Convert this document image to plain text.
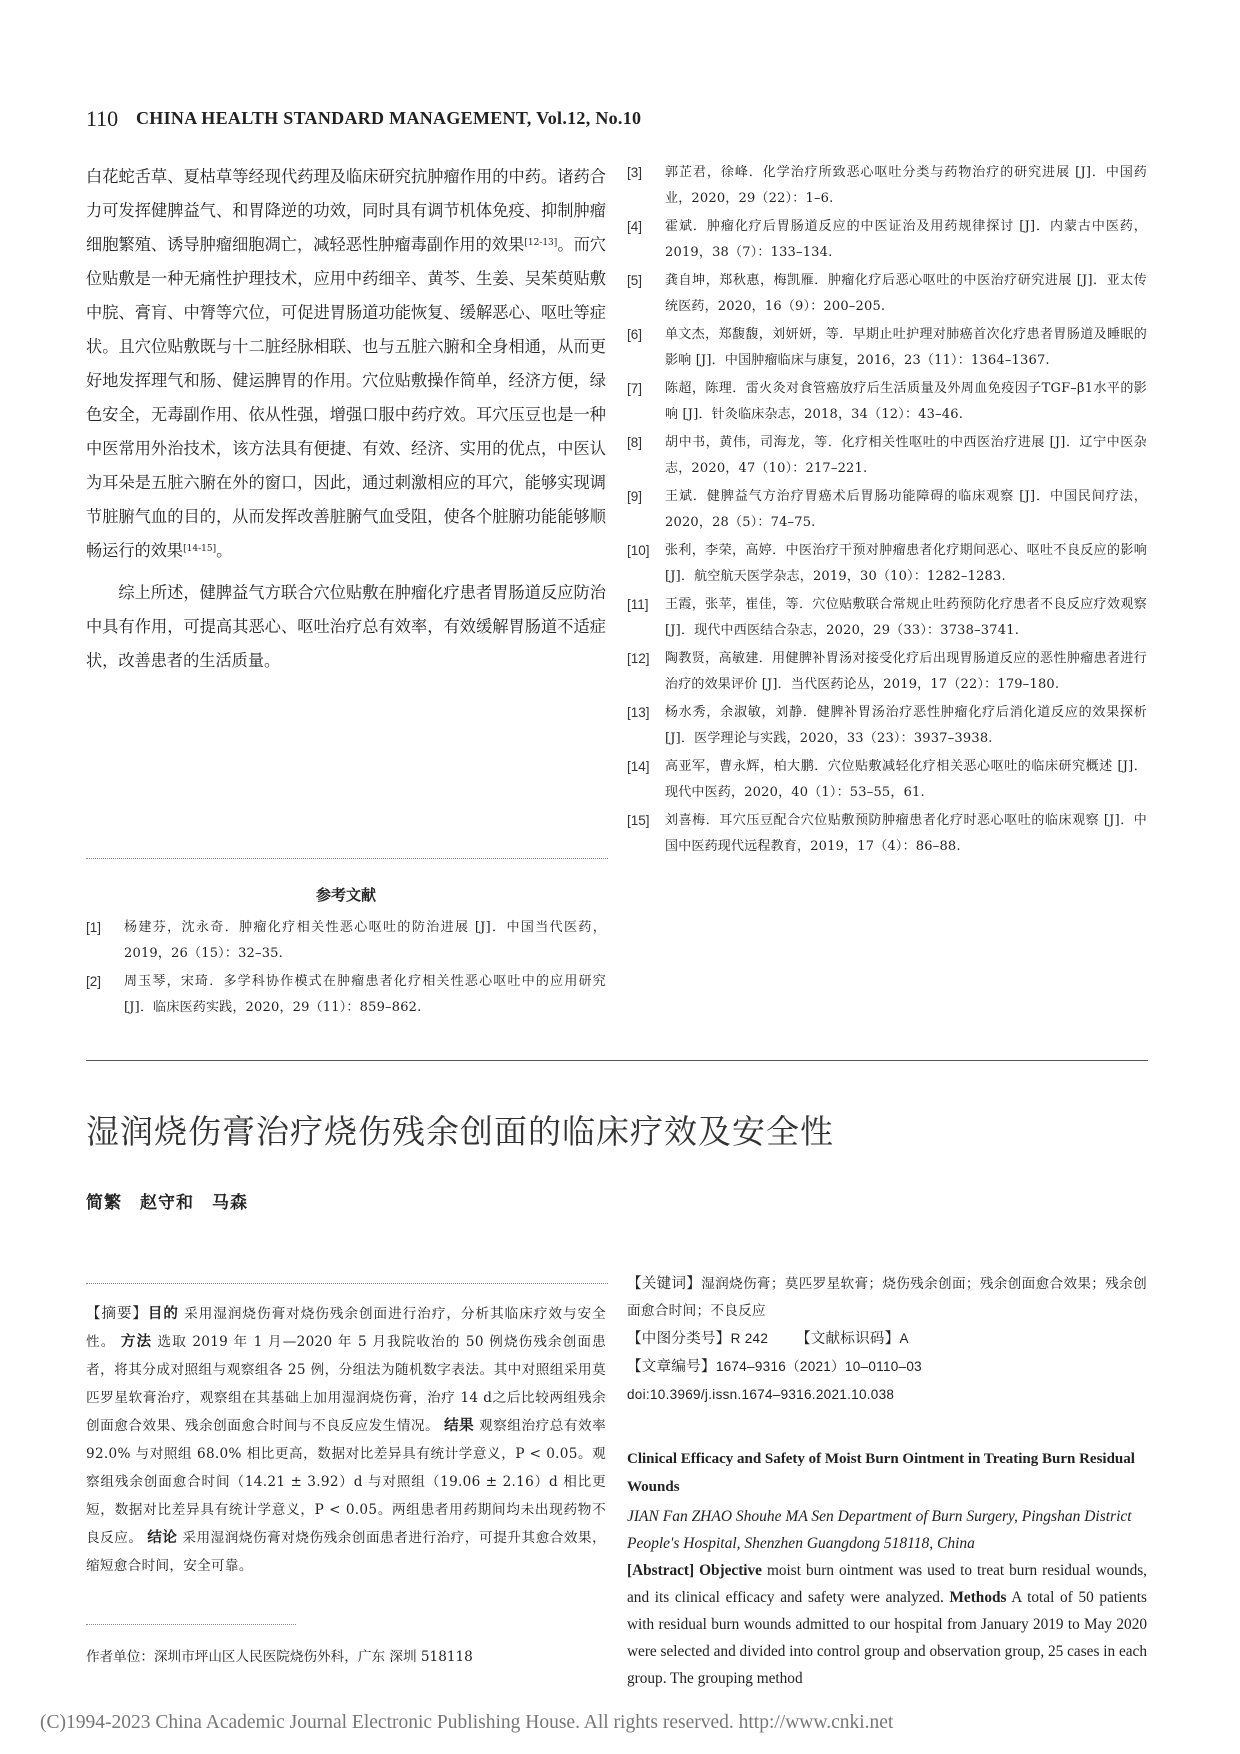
110 CHINA HEALTH STANDARD MANAGEMENT, Vol.12, No.10

白花蛇舌草、夏枯草等经现代药理及临床研究抗肿瘤作用的中药。诸药合力可发挥健脾益气、和胃降逆的功效，同时具有调节机体免疫、抑制肿瘤细胞繁殖、诱导肿瘤细胞凋亡，减轻恶性肿瘤毒副作用的效果[12-13]。而穴位贴敷是一种无痛性护理技术，应用中药细辛、黄芩、生姜、吴茱萸贴敷中脘、膏肓、中膂等穴位，可促进胃肠道功能恢复、缓解恶心、呕吐等症状。且穴位贴敷既与十二脏经脉相联、也与五脏六腑和全身相通，从而更好地发挥理气和肠、健运脾胃的作用。穴位贴敷操作简单，经济方便，绿色安全，无毒副作用、依从性强，增强口服中药疗效。耳穴压豆也是一种中医常用外治技术，该方法具有便捷、有效、经济、实用的优点，中医认为耳朵是五脏六腑在外的窗口，因此，通过刺激相应的耳穴，能够实现调节脏腑气血的目的，从而发挥改善脏腑气血受阻，使各个脏腑功能能够顺畅运行的效果[14-15]。

综上所述，健脾益气方联合穴位贴敷在肿瘤化疗患者胃肠道反应防治中具有作用，可提高其恶心、呕吐治疗总有效率，有效缓解胃肠道不适症状，改善患者的生活质量。

参考文献
[1]	杨建芬，沈永奇．肿瘤化疗相关性恶心呕吐的防治进展 [J]．中国当代医药，2019，26（15）：32–35.
[2]	周玉琴，宋琦．多学科协作模式在肿瘤患者化疗相关性恶心呕吐中的应用研究 [J]．临床医药实践，2020，29（11）：859–862.
[3]	郭芷君，徐峰．化学治疗所致恶心呕吐分类与药物治疗的研究进展 [J]．中国药业，2020，29（22）：1–6.
[4]	霍斌．肿瘤化疗后胃肠道反应的中医证治及用药规律探讨 [J]．内蒙古中医药，2019，38（7）：133–134.
[5]	龚自坤，郑秋惠，梅凯雁．肿瘤化疗后恶心呕吐的中医治疗研究进展 [J]．亚太传统医药，2020，16（9）：200–205.
[6]	单文杰，郑馥馥，刘妍妍，等．早期止吐护理对肺癌首次化疗患者胃肠道及睡眠的影响 [J]．中国肿瘤临床与康复，2016，23（11）：1364–1367.
[7]	陈超，陈理．雷火灸对食管癌放疗后生活质量及外周血免疫因子TGF–β1水平的影响 [J]．针灸临床杂志，2018，34（12）：43–46.
[8]	胡中书，黄伟，司海龙，等．化疗相关性呕吐的中西医治疗进展 [J]．辽宁中医杂志，2020，47（10）：217–221.
[9]	王斌．健脾益气方治疗胃癌术后胃肠功能障碍的临床观察 [J]．中国民间疗法，2020，28（5）：74–75.
[10]	张利，李荣，高婷．中医治疗干预对肿瘤患者化疗期间恶心、呕吐不良反应的影响 [J]．航空航天医学杂志，2019，30（10）：1282–1283.
[11]	王霞，张苹，崔佳，等．穴位贴敷联合常规止吐药预防化疗患者不良反应疗效观察 [J]．现代中西医结合杂志，2020，29（33）：3738–3741.
[12]	陶教贤，高敏建．用健脾补胃汤对接受化疗后出现胃肠道反应的恶性肿瘤患者进行治疗的效果评价 [J]．当代医药论丛，2019，17（22）：179–180.
[13]	杨水秀，余淑敏，刘静．健脾补胃汤治疗恶性肿瘤化疗后消化道反应的效果探析 [J]．医学理论与实践，2020，33（23）：3937–3938.
[14]	高亚军，曹永辉，柏大鹏．穴位贴敷减轻化疗相关恶心呕吐的临床研究概述 [J]．现代中医药，2020，40（1）：53–55，61.
[15]	刘喜梅．耳穴压豆配合穴位贴敷预防肿瘤患者化疗时恶心呕吐的临床观察 [J]．中国中医药现代远程教育，2019，17（4）：86–88.
湿润烧伤膏治疗烧伤残余创面的临床疗效及安全性
简繁　赵守和　马森

【摘要】目的 采用湿润烧伤膏对烧伤残余创面进行治疗，分析其临床疗效与安全性。 方法 选取 2019 年 1 月—2020 年 5 月我院收治的 50 例烧伤残余创面患者，将其分成对照组与观察组各 25 例，分组法为随机数字表法。其中对照组采用莫匹罗星软膏治疗，观察组在其基础上加用湿润烧伤膏，治疗 14 d之后比较两组残余创面愈合效果、残余创面愈合时间与不良反应发生情况。 结果 观察组治疗总有效率 92.0% 与对照组 68.0% 相比更高，数据对比差异具有统计学意义，P < 0.05。观察组残余创面愈合时间（14.21 ± 3.92）d 与对照组（19.06 ± 2.16）d 相比更短，数据对比差异具有统计学意义，P < 0.05。两组患者用药期间均未出现药物不良反应。 结论 采用湿润烧伤膏对烧伤残余创面患者进行治疗，可提升其愈合效果，缩短愈合时间，安全可靠。

作者单位：深圳市坪山区人民医院烧伤外科，广东 深圳 518118

【关键词】湿润烧伤膏；莫匹罗星软膏；烧伤残余创面；残余创面愈合效果；残余创面愈合时间；不良反应

【中图分类号】R 242   【文献标识码】A

【文章编号】1674–9316（2021）10–0110–03

doi:10.3969/j.issn.1674–9316.2021.10.038

Clinical Efficacy and Safety of Moist Burn Ointment in Treating Burn Residual Wounds
JIAN Fan ZHAO Shouhe MA Sen Department of Burn Surgery, Pingshan District People's Hospital, Shenzhen Guangdong 518118, China
[Abstract] Objective moist burn ointment was used to treat burn residual wounds, and its clinical efficacy and safety were analyzed. Methods A total of 50 patients with residual burn wounds admitted to our hospital from January 2019 to May 2020 were selected and divided into control group and observation group, 25 cases in each group. The grouping method
(C)1994-2023 China Academic Journal Electronic Publishing House. All rights reserved. http://www.cnki.net
